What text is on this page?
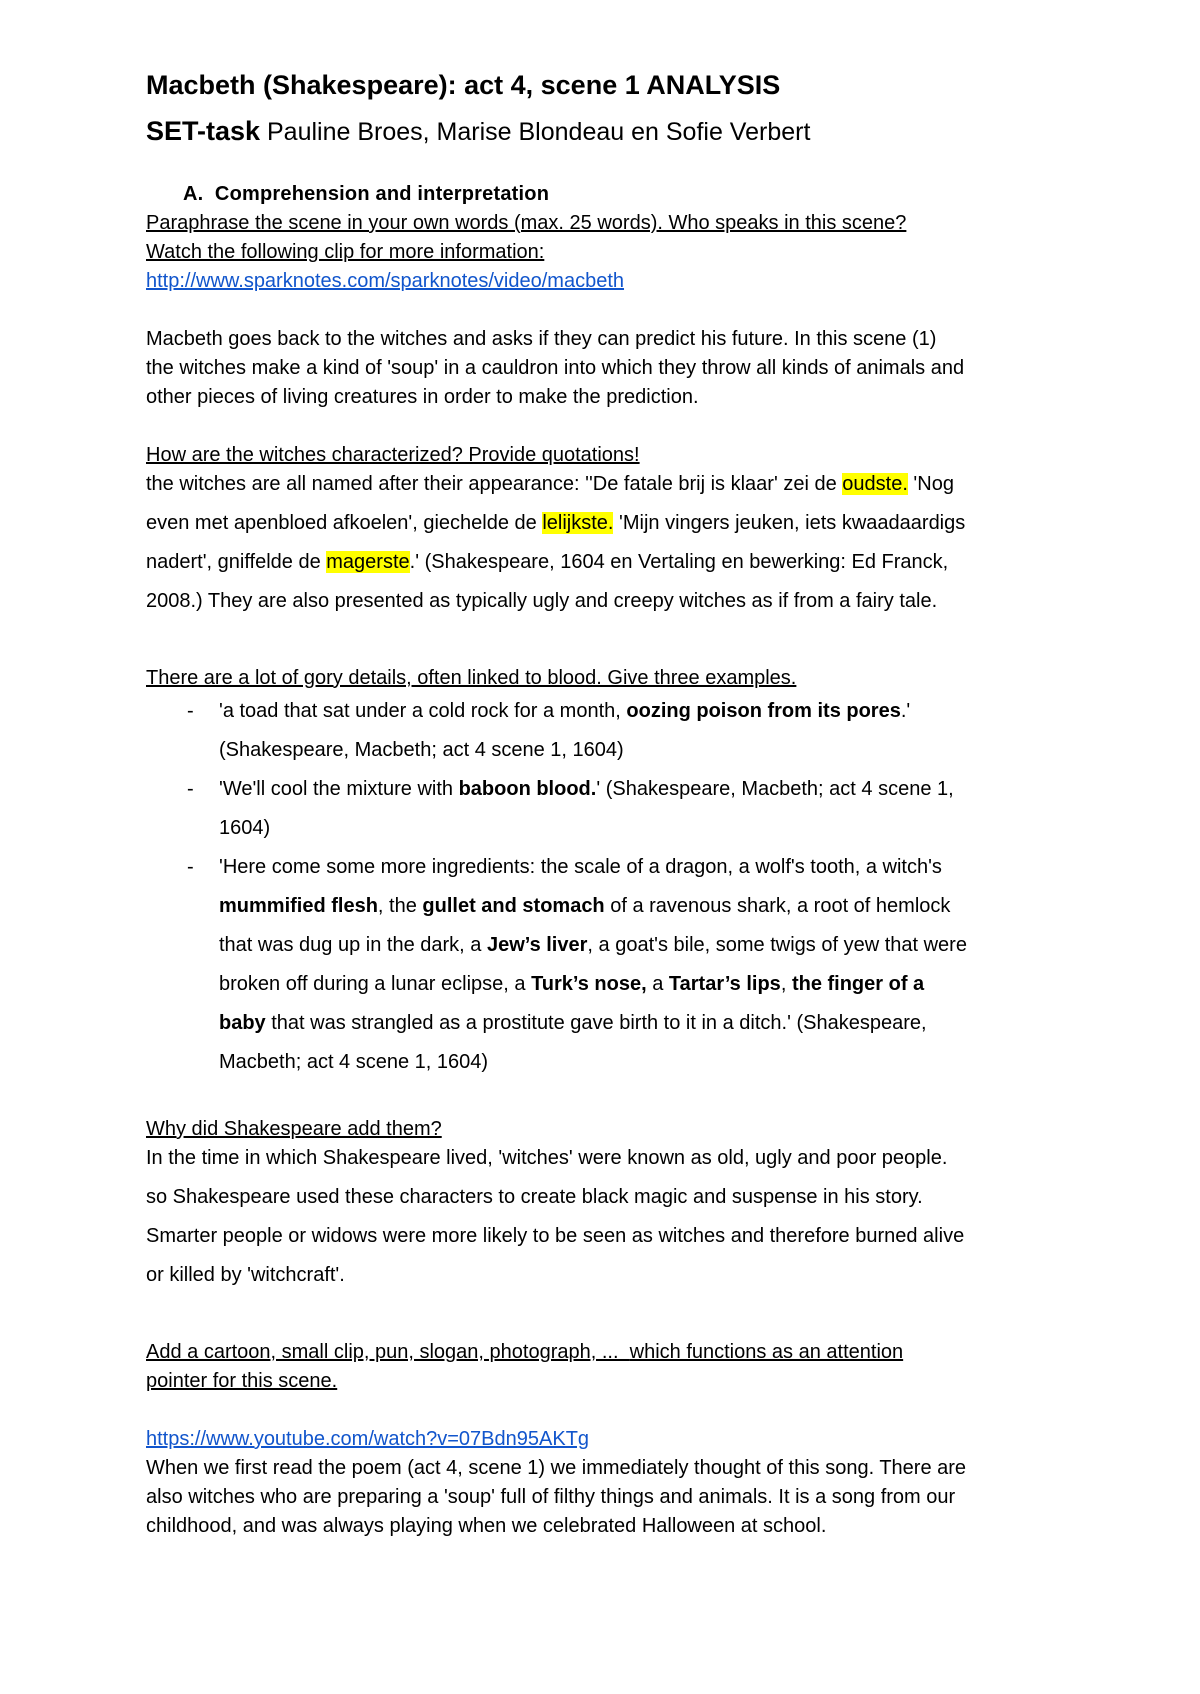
Macbeth (Shakespeare): act 4, scene 1 ANALYSIS
SET-task Pauline Broes, Marise Blondeau en Sofie Verbert
A. Comprehension and interpretation
Paraphrase the scene in your own words (max. 25 words). Who speaks in this scene?
Watch the following clip for more information:
http://www.sparknotes.com/sparknotes/video/macbeth
Macbeth goes back to the witches and asks if they can predict his future. In this scene (1)
the witches make a kind of 'soup' in a cauldron into which they throw all kinds of animals and
other pieces of living creatures in order to make the prediction.
How are the witches characterized? Provide quotations!
the witches are all named after their appearance: ''De fatale brij is klaar' zei de oudste. 'Nog
even met apenbloed afkoelen', giechelde de lelijkste. 'Mijn vingers jeuken, iets kwaadaardigs
nadert', gniffelde de magerste.' (Shakespeare, 1604 en Vertaling en bewerking: Ed Franck,
2008.) They are also presented as typically ugly and creepy witches as if from a fairy tale.
There are a lot of gory details, often linked to blood. Give three examples.
- 'a toad that sat under a cold rock for a month, oozing poison from its pores.'
(Shakespeare, Macbeth; act 4 scene 1, 1604)
- 'We'll cool the mixture with baboon blood.' (Shakespeare, Macbeth; act 4 scene 1,
1604)
- 'Here come some more ingredients: the scale of a dragon, a wolf's tooth, a witch's
mummified flesh, the gullet and stomach of a ravenous shark, a root of hemlock
that was dug up in the dark, a Jew’s liver, a goat's bile, some twigs of yew that were
broken off during a lunar eclipse, a Turk’s nose, a Tartar’s lips, the finger of a
baby that was strangled as a prostitute gave birth to it in a ditch.' (Shakespeare,
Macbeth; act 4 scene 1, 1604)
Why did Shakespeare add them?
In the time in which Shakespeare lived, 'witches' were known as old, ugly and poor people.
so Shakespeare used these characters to create black magic and suspense in his story.
Smarter people or widows were more likely to be seen as witches and therefore burned alive
or killed by 'witchcraft'.
Add a cartoon, small clip, pun, slogan, photograph, ...  which functions as an attention
pointer for this scene.
https://www.youtube.com/watch?v=07Bdn95AKTg
When we first read the poem (act 4, scene 1) we immediately thought of this song. There are
also witches who are preparing a 'soup' full of filthy things and animals. It is a song from our
childhood, and was always playing when we celebrated Halloween at school.
